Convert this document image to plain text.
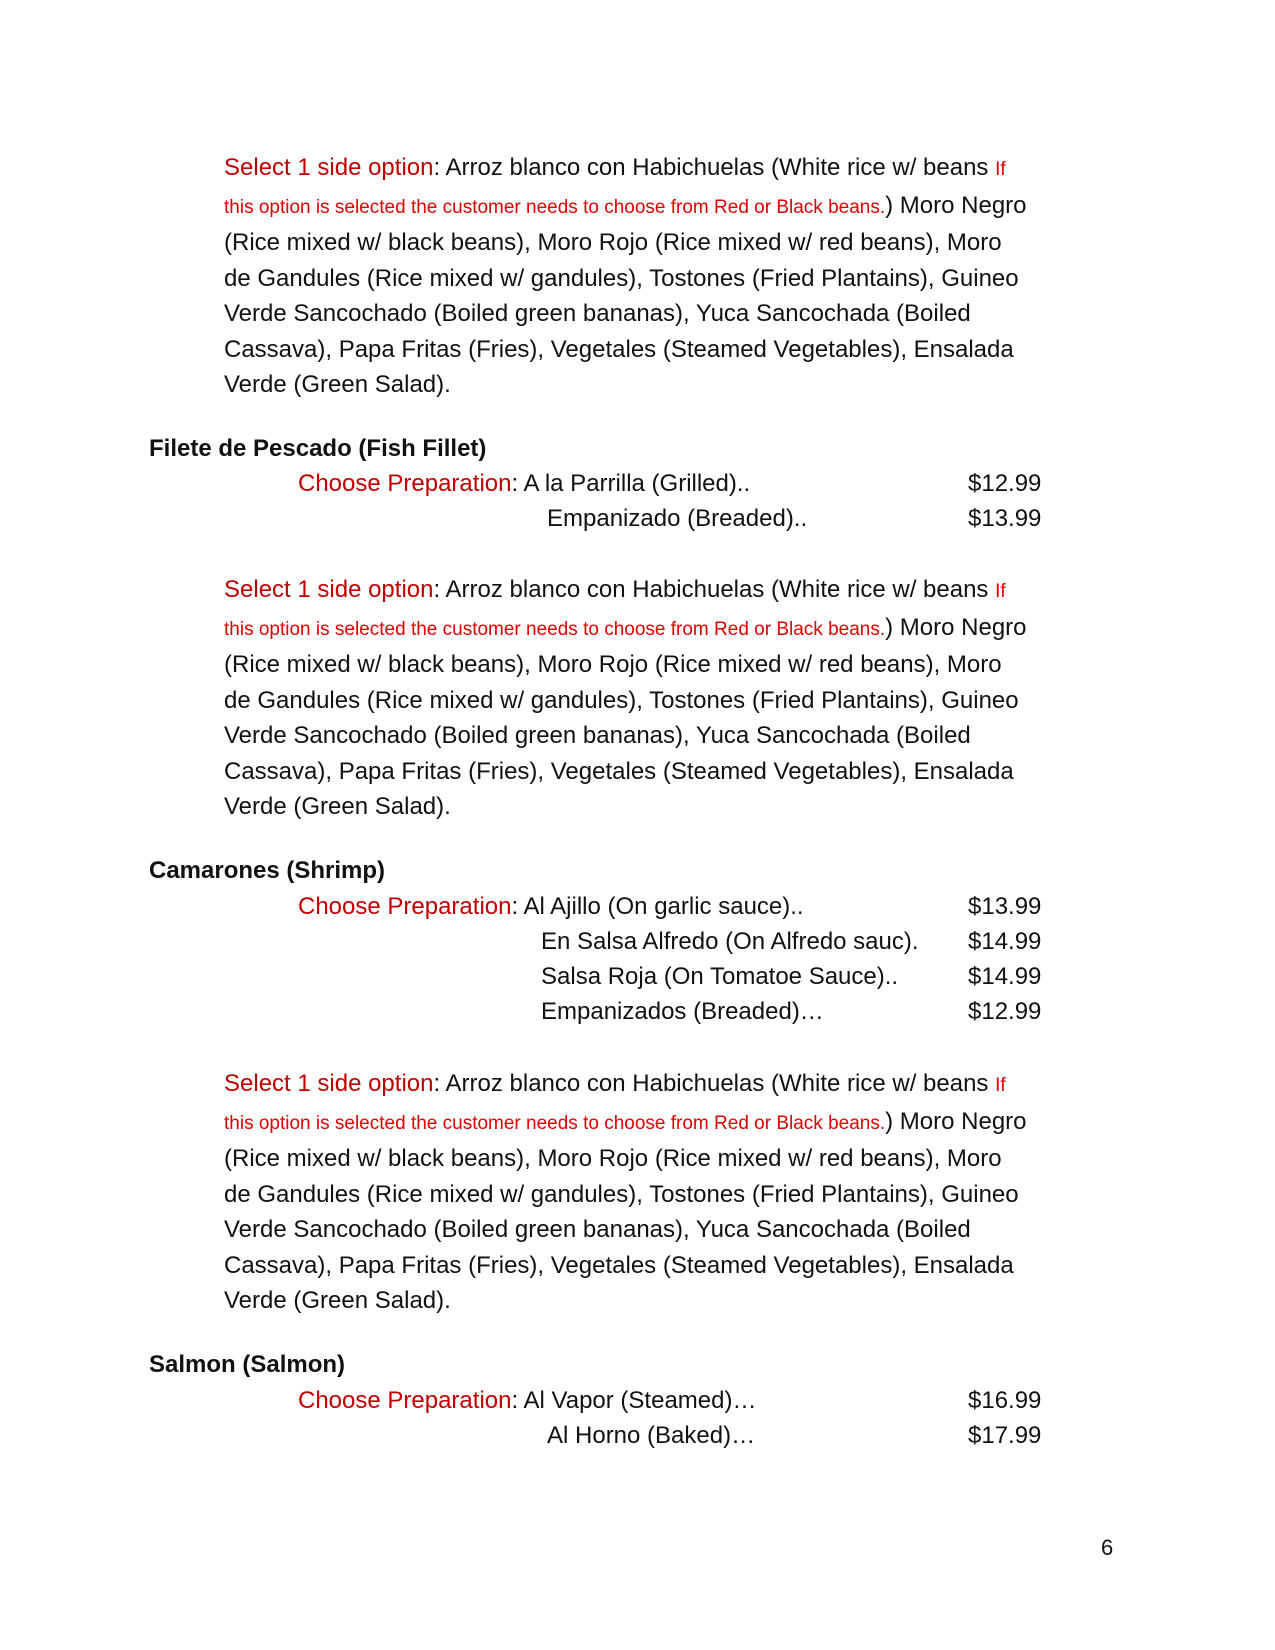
Select 1 side option: Arroz blanco con Habichuelas (White rice w/ beans If
this option is selected the customer needs to choose from Red or Black beans.) Moro Negro
(Rice mixed w/ black beans), Moro Rojo (Rice mixed w/ red beans), Moro
de Gandules (Rice mixed w/ gandules), Tostones (Fried Plantains), Guineo
Verde Sancochado (Boiled green bananas), Yuca Sancochada (Boiled
Cassava), Papa Fritas (Fries), Vegetales (Steamed Vegetables), Ensalada
Verde (Green Salad).
Filete de Pescado (Fish Fillet)
Choose Preparation: A la Parrilla (Grilled)..	$12.99
Empanizado (Breaded)..	$13.99
Select 1 side option: Arroz blanco con Habichuelas (White rice w/ beans If
this option is selected the customer needs to choose from Red or Black beans.) Moro Negro
(Rice mixed w/ black beans), Moro Rojo (Rice mixed w/ red beans), Moro
de Gandules (Rice mixed w/ gandules), Tostones (Fried Plantains), Guineo
Verde Sancochado (Boiled green bananas), Yuca Sancochada (Boiled
Cassava), Papa Fritas (Fries), Vegetales (Steamed Vegetables), Ensalada
Verde (Green Salad).
Camarones (Shrimp)
Choose Preparation: Al Ajillo (On garlic sauce)..	$13.99
En Salsa Alfredo (On Alfredo sauc). $14.99
Salsa Roja (On Tomatoe Sauce)..	$14.99
Empanizados (Breaded)…	$12.99
Select 1 side option: Arroz blanco con Habichuelas (White rice w/ beans If
this option is selected the customer needs to choose from Red or Black beans.) Moro Negro
(Rice mixed w/ black beans), Moro Rojo (Rice mixed w/ red beans), Moro
de Gandules (Rice mixed w/ gandules), Tostones (Fried Plantains), Guineo
Verde Sancochado (Boiled green bananas), Yuca Sancochada (Boiled
Cassava), Papa Fritas (Fries), Vegetales (Steamed Vegetables), Ensalada
Verde (Green Salad).
Salmon (Salmon)
Choose Preparation: Al Vapor (Steamed)…	$16.99
Al Horno (Baked)…	$17.99
6
